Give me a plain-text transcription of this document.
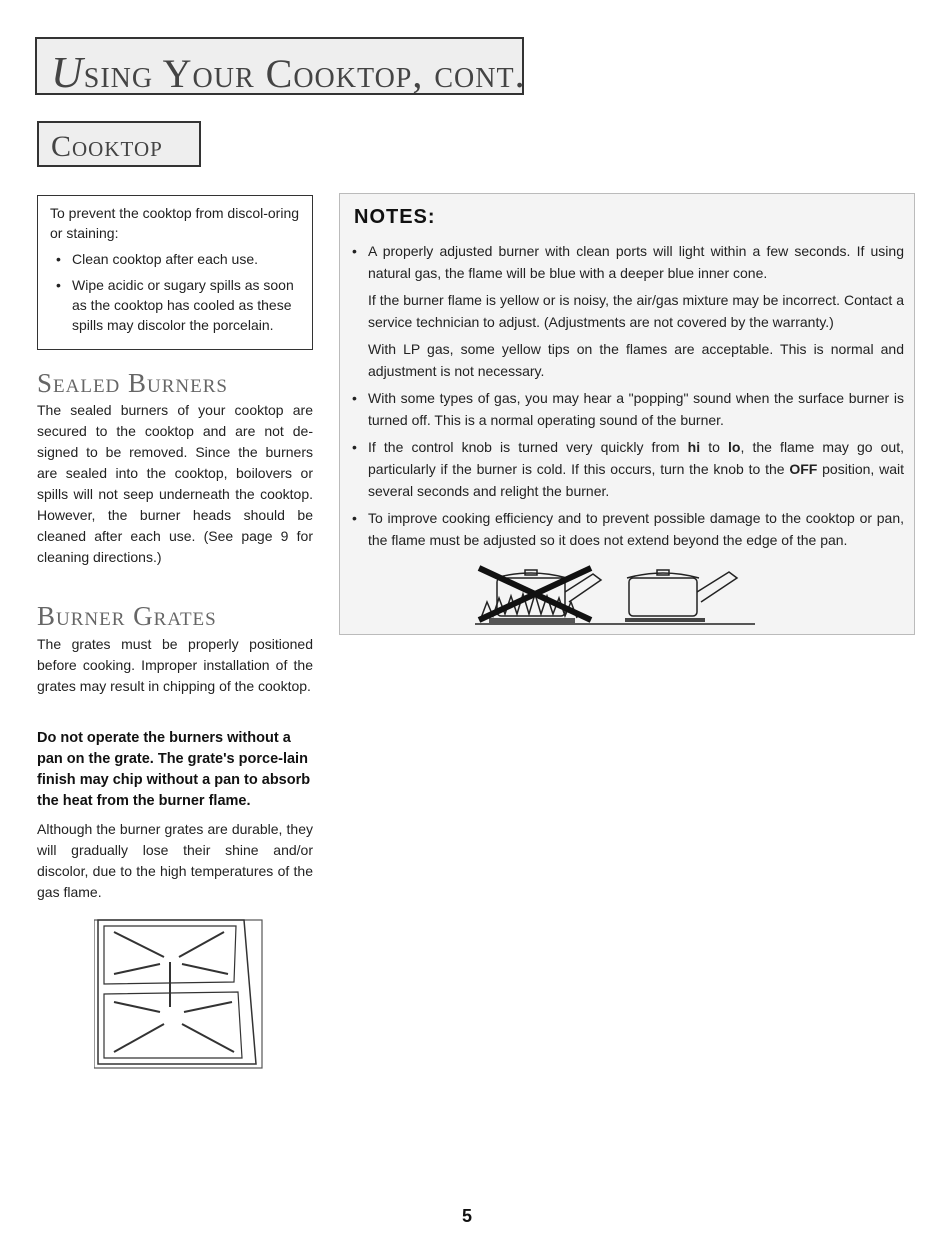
Using Your Cooktop, cont.
Cooktop

To prevent the cooktop from discol-oring or staining:

• Clean cooktop after each use.
• Wipe acidic or sugary spills as soon as the cooktop has cooled as these spills may discolor the porcelain.
Sealed Burners
The sealed burners of your cooktop are secured to the cooktop and are not de-signed to be removed. Since the burners are sealed into the cooktop, boilovers or spills will not seep underneath the cooktop. However, the burner heads should be cleaned after each use. (See page 9 for cleaning directions.)
Burner Grates
The grates must be properly positioned before cooking. Improper installation of the grates may result in chipping of the cooktop.
Do not operate the burners without a pan on the grate. The grate's porce-lain finish may chip without a pan to absorb the heat from the burner flame.
Although the burner grates are durable, they will gradually lose their shine and/or discolor, due to the high temperatures of the gas flame.
NOTES:
• A properly adjusted burner with clean ports will light within a few seconds. If using natural gas, the flame will be blue with a deeper blue inner cone.
If the burner flame is yellow or is noisy, the air/gas mixture may be incorrect. Contact a service technician to adjust. (Adjustments are not covered by the warranty.)
With LP gas, some yellow tips on the flames are acceptable. This is normal and adjustment is not necessary.
• With some types of gas, you may hear a "popping" sound when the surface burner is turned off. This is a normal operating sound of the burner.
• If the control knob is turned very quickly from hi to lo, the flame may go out, particularly if the burner is cold. If this occurs, turn the knob to the OFF position, wait several seconds and relight the burner.
• To improve cooking efficiency and to prevent possible damage to the cooktop or pan, the flame must be adjusted so it does not extend beyond the edge of the pan.
5
